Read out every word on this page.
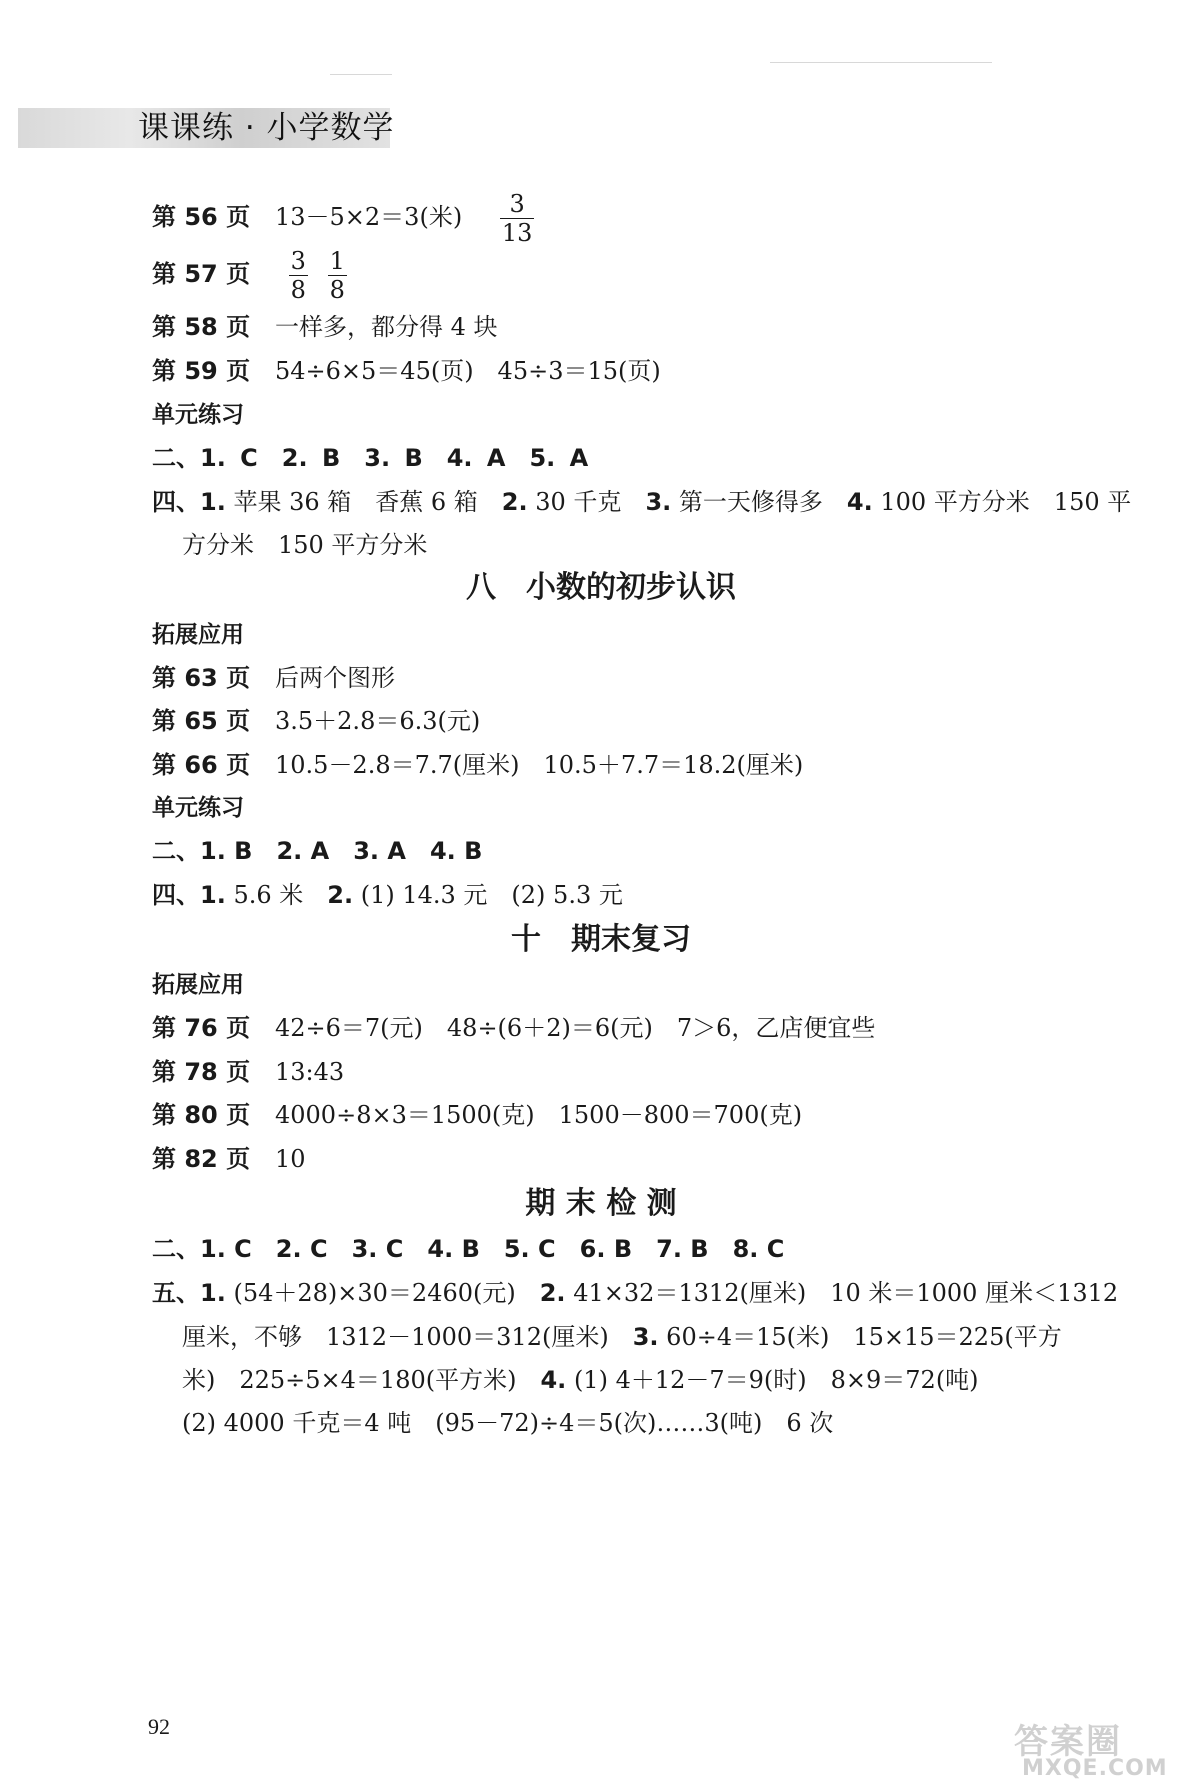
课课练 · 小学数学
第 56 页 13－5×2＝3(米)　 $\frac{3}{13}$
第 57 页 $\frac{3}{8}$
$\frac{1}{8}$
第 58 页 一样多，都分得 4 块
第 59 页 54÷6×5＝45(页)　45÷3＝15(页)
单元练习
二、1. C　 2. B　 3. B　 4. A　 5. A
四、1. 苹果 36 箱　香蕉 6 箱　2. 30 千克　3. 第一天修得多　4. 100 平方分米　150 平
方分米　150 平方分米
八　小数的初步认识
拓展应用
第 63 页 后两个图形
第 65 页 3.5＋2.8＝6.3(元)
第 66 页 10.5－2.8＝7.7(厘米)　10.5＋7.7＝18.2(厘米)
单元练习
二、1. B　 2. A　 3. A　 4. B
四、1. 5.6 米　2. (1) 14.3 元　(2) 5.3 元
十　期末复习
拓展应用
第 76 页 42÷6＝7(元)　48÷(6＋2)＝6(元)　7＞6，乙店便宜些
第 78 页 13:43
第 80 页 4000÷8×3＝1500(克)　1500－800＝700(克)
第 82 页 10
期 末 检 测
二、1. C　 2. C　 3. C　 4. B　 5. C　 6. B　 7. B　 8. C
五、1. (54＋28)×30＝2460(元)　2. 41×32＝1312(厘米)　10 米＝1000 厘米＜1312
厘米，不够　1312－1000＝312(厘米)　3. 60÷4＝15(米)　15×15＝225(平方
米)　225÷5×4＝180(平方米)　4. (1) 4＋12－7＝9(时)　8×9＝72(吨)
(2) 4000 千克＝4 吨　(95－72)÷4＝5(次)……3(吨)　6 次
92	答案圈
MXQE.COM
